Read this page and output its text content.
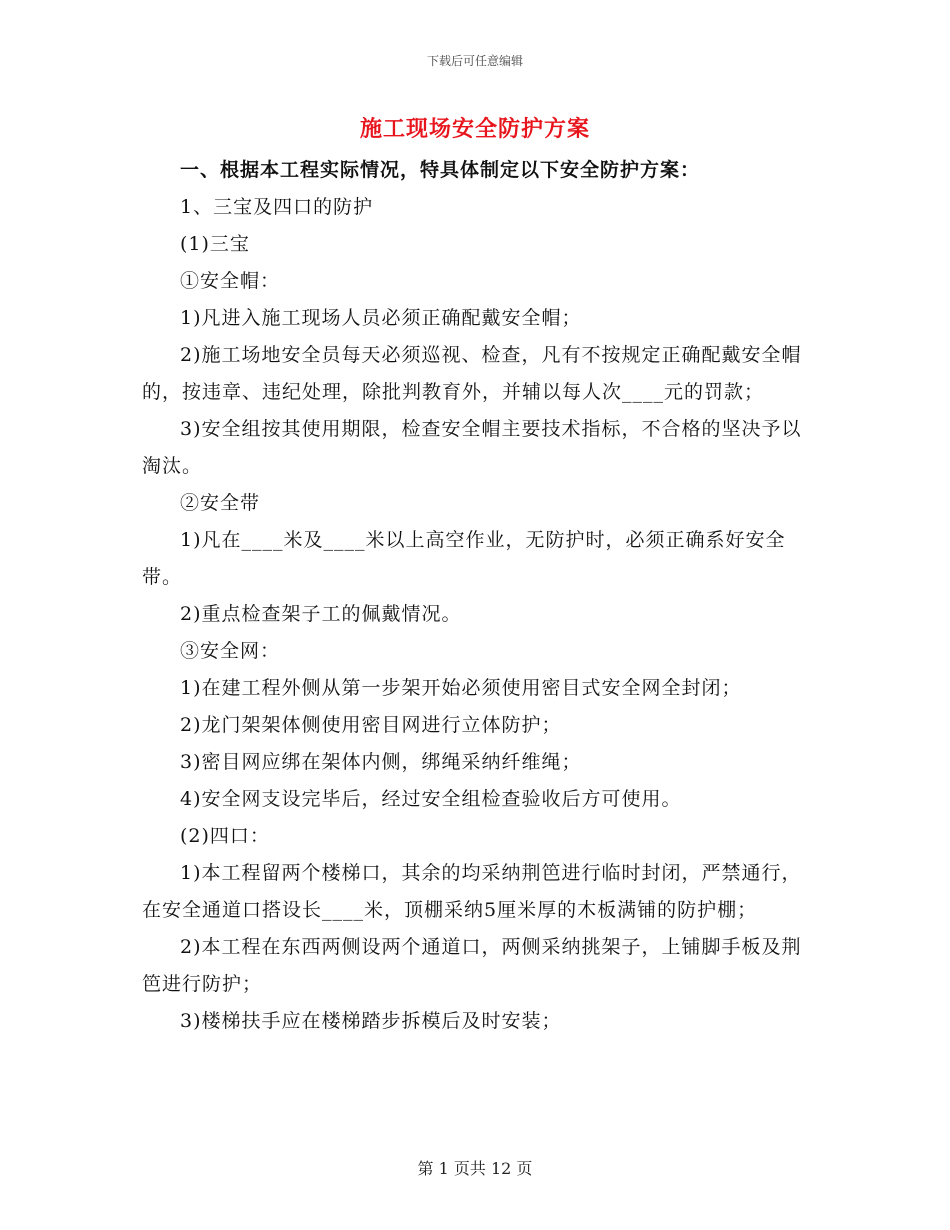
下载后可任意编辑
施工现场安全防护方案

一、根据本工程实际情况，特具体制定以下安全防护方案：

1、三宝及四口的防护

(1)三宝

①安全帽：

1)凡进入施工现场人员必须正确配戴安全帽；

2)施工场地安全员每天必须巡视、检查，凡有不按规定正确配戴安全帽的，按违章、违纪处理，除批判教育外，并辅以每人次____元的罚款；

3)安全组按其使用期限，检查安全帽主要技术指标，不合格的坚决予以淘汰。

②安全带

1)凡在____米及____米以上高空作业，无防护时，必须正确系好安全带。

2)重点检查架子工的佩戴情况。

③安全网：

1)在建工程外侧从第一步架开始必须使用密目式安全网全封闭；

2)龙门架架体侧使用密目网进行立体防护；

3)密目网应绑在架体内侧，绑绳采纳纤维绳；

4)安全网支设完毕后，经过安全组检查验收后方可使用。

(2)四口：

1)本工程留两个楼梯口，其余的均采纳荆笆进行临时封闭，严禁通行，在安全通道口搭设长____米，顶棚采纳5厘米厚的木板满铺的防护棚；

2)本工程在东西两侧设两个通道口，两侧采纳挑架子，上铺脚手板及荆笆进行防护；

3)楼梯扶手应在楼梯踏步拆模后及时安装；

第 1 页共 12 页
